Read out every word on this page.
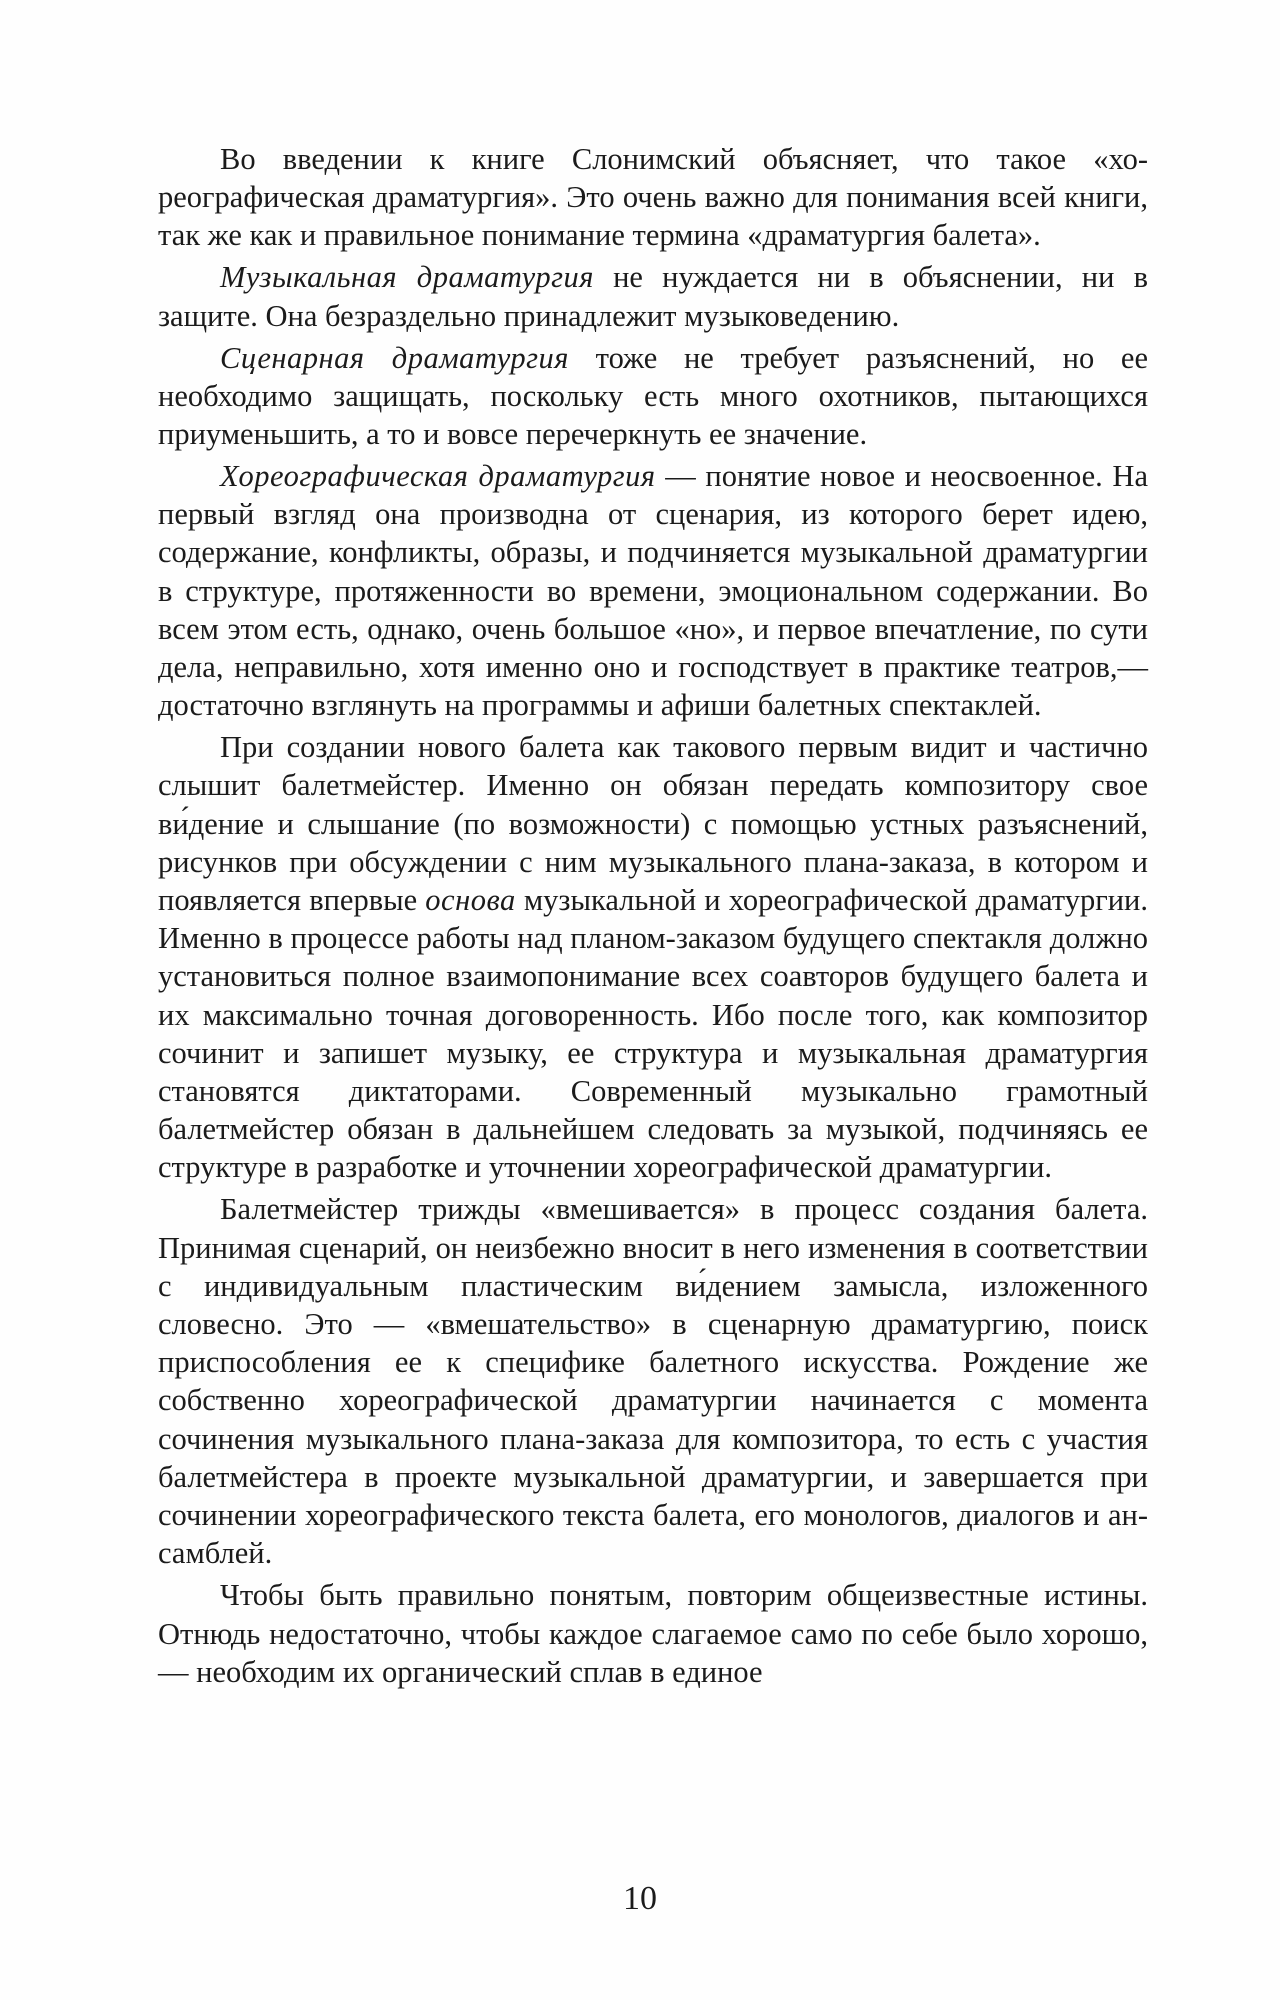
Во введении к книге Слонимский объясняет, что такое «хореографическая драматургия». Это очень важно для понимания всей книги, так же как и правильное понимание термина «драматургия балета».

Музыкальная драматургия не нуждается ни в объяснении, ни в защите. Она безраздельно принадлежит музыковедению.

Сценарная драматургия тоже не требует разъяснений, но ее необходимо защищать, поскольку есть много охотников, пытающихся приуменьшить, а то и вовсе перечеркнуть ее значение.

Хореографическая драматургия — понятие новое и неосвоенное. На первый взгляд она производна от сценария, из которого берет идею, содержание, конфликты, образы, и подчиняется музыкальной драматургии в структуре, протяженности во времени, эмоциональном содержании. Во всем этом есть, однако, очень большое «но», и первое впечатление, по сути дела, неправильно, хотя именно оно и господствует в практике театров,— достаточно взглянуть на программы и афиши балетных спектаклей.

При создании нового балета как такового первым видит и частично слышит балетмейстер. Именно он обязан передать композитору свое ви́дение и слышание (по возможности) с помощью устных разъяснений, рисунков при обсуждении с ним музыкального плана-заказа, в котором и появляется впервые основа музыкальной и хореографической драматургии. Именно в процессе работы над планом-заказом будущего спектакля должно установиться полное взаимопонимание всех соавторов будущего балета и их максимально точная договоренность. Ибо после того, как композитор сочинит и запишет музыку, ее структура и музыкальная драматургия становятся диктаторами. Современный музыкально грамотный балетмейстер обязан в дальнейшем следовать за музыкой, подчиняясь ее структуре в разработке и уточнении хореографической драматургии.

Балетмейстер трижды «вмешивается» в процесс создания балета. Принимая сценарий, он неизбежно вносит в него изменения в соответствии с индивидуальным пластическим ви́дением замысла, изложенного словесно. Это — «вмешательство» в сценарную драматургию, поиск приспособления ее к специфике балетного искусства. Рождение же собственно хореографической драматургии начинается с момента сочинения музыкального плана-заказа для композитора, то есть с участия балетмейстера в проекте музыкальной драматургии, и завершается при сочинении хореографического текста балета, его монологов, диалогов и ансамблей.

Чтобы быть правильно понятым, повторим общеизвестные истины. Отнюдь недостаточно, чтобы каждое слагаемое само по себе было хорошо, — необходим их органический сплав в единое

10
